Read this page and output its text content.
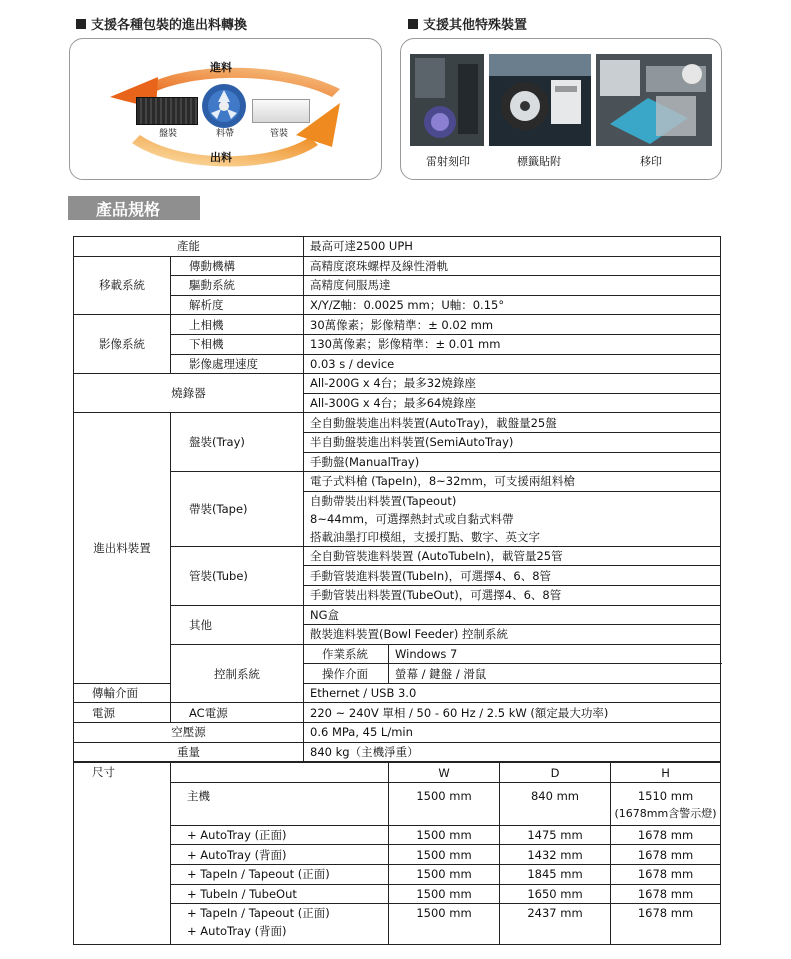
支援各種包裝的進出料轉換	支援其他特殊裝置
進料
出料
盤裝	料帶	管裝
雷射刻印	標籤貼附	移印
產品規格
產能		最高可達2500 UPH			
移載系統	傳動機構	高精度滾珠螺桿及線性滑軌			
	驅動系統	高精度伺服馬達			
	解析度	X/Y/Z軸：0.0025 mm；U軸：0.15°			
影像系統	上相機	30萬像素；影像精準：± 0.02 mm			
	下相機	130萬像素；影像精準：± 0.01 mm			
	影像處理速度	0.03 s / device			
燒錄器		All-200G x 4台；最多32燒錄座			
		All-300G x 4台；最多64燒錄座			
進出料裝置	盤裝(Tray)	全自動盤裝進出料裝置(AutoTray)，載盤量25盤			
		半自動盤裝進出料裝置(SemiAutoTray)			
		手動盤(ManualTray)			
	帶裝(Tape)	電子式料槍 (TapeIn)，8~32mm，可支援兩組料槍			

		自動帶裝出料裝置(Tapeout)
8~44mm，可選擇熱封式或自黏式料帶
搭載油墨打印模組，支援打點、數字、英文字			

	管裝(Tube)	全自動管裝進料裝置 (AutoTubeIn)，載管量25管			
		手動管裝進料裝置(TubeIn)，可選擇4、6、8管			
		手動管裝出料裝置(TubeOut)，可選擇4、6、8管			
	其他	NG盒			
		散裝進料裝置(Bowl Feeder) 控制系統			
	控制系統	作業系統	Windows 7		
		操作介面	螢幕 / 鍵盤 / 滑鼠		
傳輸介面		Ethernet / USB 3.0			
電源	AC電源	220 ~ 240V 單相 / 50 - 60 Hz / 2.5 kW (額定最大功率)			
空壓源		0.6 MPa, 45 L/min			
重量		840 kg（主機淨重）			
尺寸			W	D	H
	主機		1500 mm	840 mm	1510 mm
(1678mm含警示燈)

	+ AutoTray (正面)		1500 mm	1475 mm	1678 mm
	+ AutoTray (背面)		1500 mm	1432 mm	1678 mm
	+ TapeIn / Tapeout (正面)		1500 mm	1845 mm	1678 mm
	+ TubeIn / TubeOut		1500 mm	1650 mm	1678 mm

	+ TapeIn / Tapeout (正面)
+ AutoTray (背面)		1500 mm	2437 mm	1678 mm
